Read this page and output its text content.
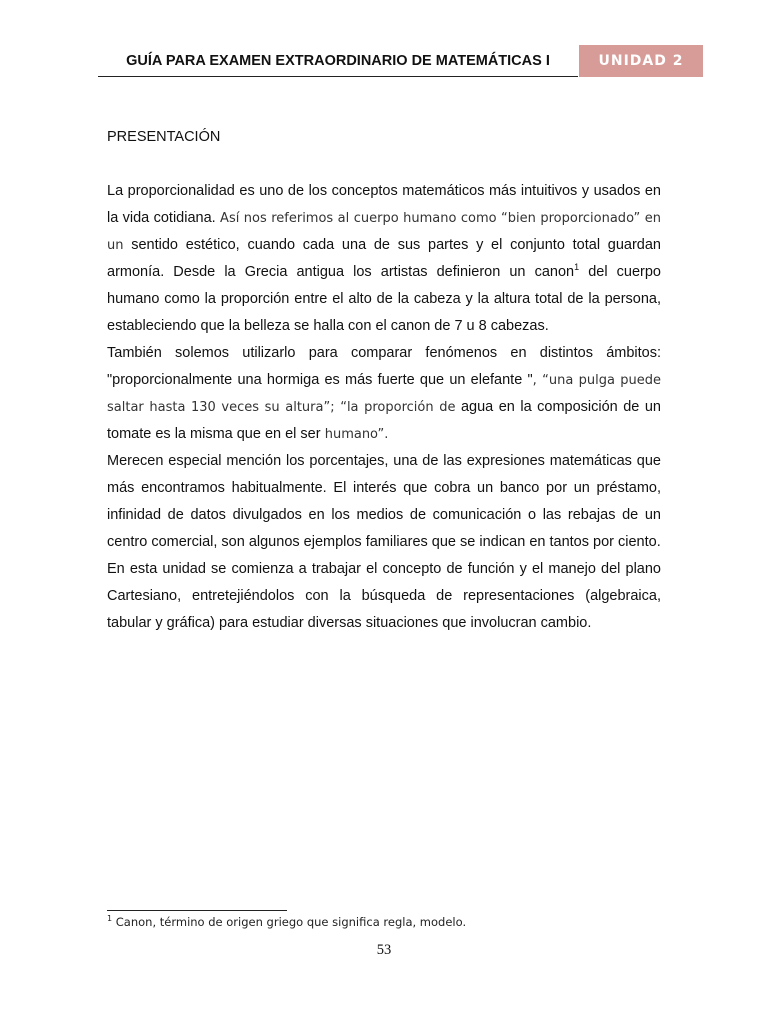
GUÍA PARA EXAMEN EXTRAORDINARIO DE MATEMÁTICAS I	UNIDAD 2
PRESENTACIÓN

La proporcionalidad es uno de los conceptos matemáticos más intuitivos y usados en la vida cotidiana. Así nos referimos al cuerpo humano como “bien proporcionado” en un sentido estético, cuando cada una de sus partes y el conjunto total guardan armonía. Desde la Grecia antigua los artistas definieron un canon$^1$ del cuerpo humano como la proporción entre el alto de la cabeza y la altura total de la persona, estableciendo que la belleza se halla con el canon de 7 u 8 cabezas.

También solemos utilizarlo para comparar fenómenos en distintos ámbitos: "proporcionalmente una hormiga es más fuerte que un elefante ", “una pulga puede saltar hasta 130 veces su altura”; “la proporción de agua en la composición de un tomate es la misma que en el ser humano”.

Merecen especial mención los porcentajes, una de las expresiones matemáticas que más encontramos habitualmente. El interés que cobra un banco por un préstamo, infinidad de datos divulgados en los medios de comunicación o las rebajas de un centro comercial, son algunos ejemplos familiares que se indican en tantos por ciento.

En esta unidad se comienza a trabajar el concepto de función y el manejo del plano Cartesiano, entretejiéndolos con la búsqueda de representaciones (algebraica, tabular y gráfica) para estudiar diversas situaciones que involucran cambio.

$^1$ Canon, término de origen griego que significa regla, modelo.
53
